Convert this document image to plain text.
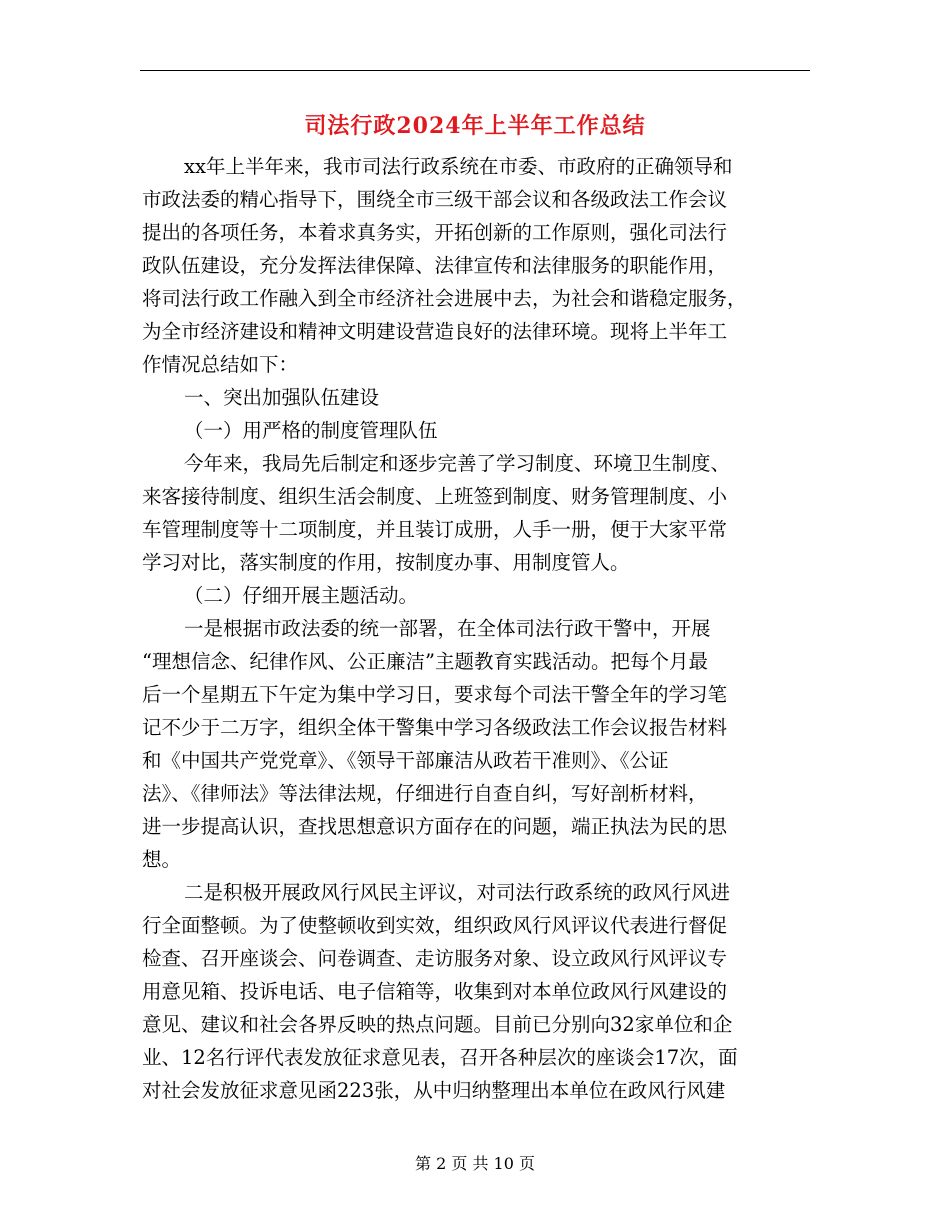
司法行政2024年上半年工作总结
xx年上半年来，我市司法行政系统在市委、市政府的正确领导和
市政法委的精心指导下，围绕全市三级干部会议和各级政法工作会议
提出的各项任务，本着求真务实，开拓创新的工作原则，强化司法行
政队伍建设，充分发挥法律保障、法律宣传和法律服务的职能作用，
将司法行政工作融入到全市经济社会进展中去，为社会和谐稳定服务，
为全市经济建设和精神文明建设营造良好的法律环境。现将上半年工
作情况总结如下：
一、突出加强队伍建设
（一）用严格的制度管理队伍
今年来，我局先后制定和逐步完善了学习制度、环境卫生制度、
来客接待制度、组织生活会制度、上班签到制度、财务管理制度、小
车管理制度等十二项制度，并且装订成册，人手一册，便于大家平常
学习对比，落实制度的作用，按制度办事、用制度管人。
（二）仔细开展主题活动。
一是根据市政法委的统一部署，在全体司法行政干警中，开展
“理想信念、纪律作风、公正廉洁”主题教育实践活动。把每个月最
后一个星期五下午定为集中学习日，要求每个司法干警全年的学习笔
记不少于二万字，组织全体干警集中学习各级政法工作会议报告材料
和《中国共产党党章》、《领导干部廉洁从政若干准则》、《公证
法》、《律师法》等法律法规，仔细进行自查自纠，写好剖析材料，
进一步提高认识，查找思想意识方面存在的问题，端正执法为民的思
想。
二是积极开展政风行风民主评议，对司法行政系统的政风行风进
行全面整顿。为了使整顿收到实效，组织政风行风评议代表进行督促
检查、召开座谈会、问卷调查、走访服务对象、设立政风行风评议专
用意见箱、投诉电话、电子信箱等，收集到对本单位政风行风建设的
意见、建议和社会各界反映的热点问题。目前已分别向32家单位和企
业、12名行评代表发放征求意见表，召开各种层次的座谈会17次，面
对社会发放征求意见函223张，从中归纳整理出本单位在政风行风建
第 2 页 共 10 页
